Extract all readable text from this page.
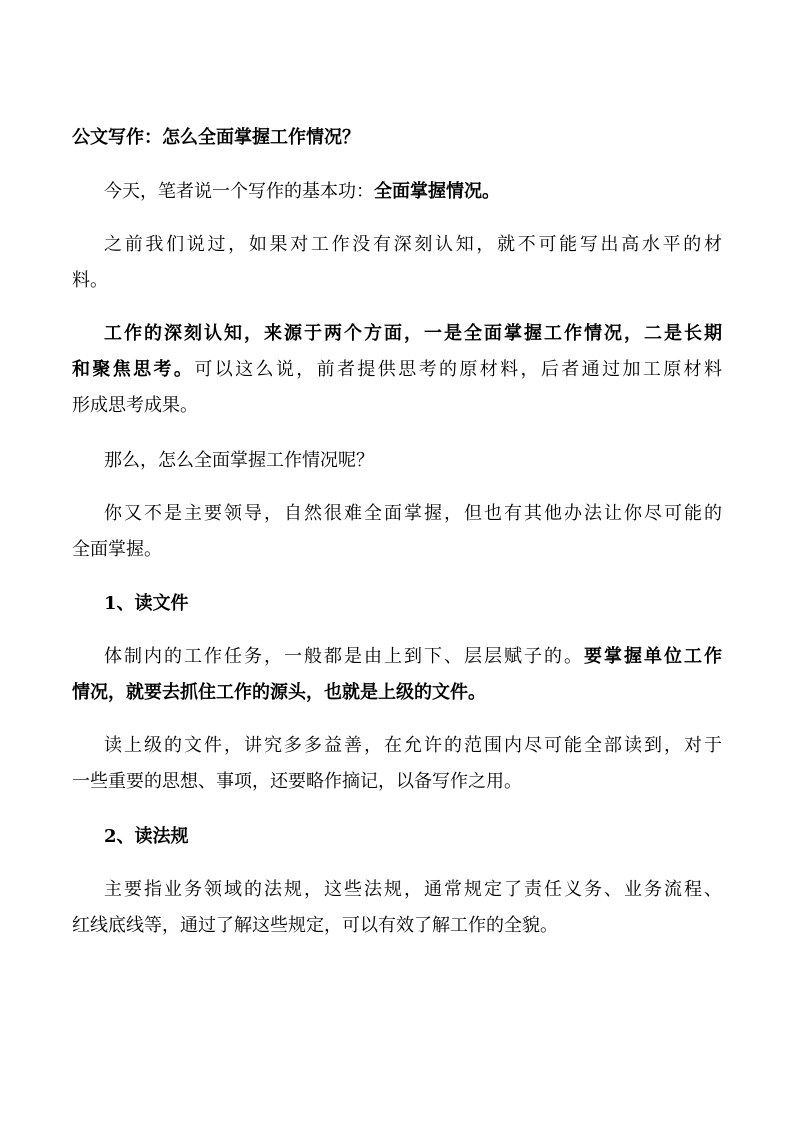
公文写作：怎么全面掌握工作情况？
今天，笔者说一个写作的基本功：全面掌握情况。
之前我们说过，如果对工作没有深刻认知，就不可能写出高水平的材
料。
工作的深刻认知，来源于两个方面，一是全面掌握工作情况，二是长期
和聚焦思考。可以这么说，前者提供思考的原材料，后者通过加工原材料
形成思考成果。
那么，怎么全面掌握工作情况呢？
你又不是主要领导，自然很难全面掌握，但也有其他办法让你尽可能的
全面掌握。
1、读文件
体制内的工作任务，一般都是由上到下、层层赋子的。要掌握单位工作
情况，就要去抓住工作的源头，也就是上级的文件。
读上级的文件，讲究多多益善，在允许的范围内尽可能全部读到，对于
一些重要的思想、事项，还要略作摘记，以备写作之用。
2、读法规
主要指业务领域的法规，这些法规，通常规定了责任义务、业务流程、
红线底线等，通过了解这些规定，可以有效了解工作的全貌。
